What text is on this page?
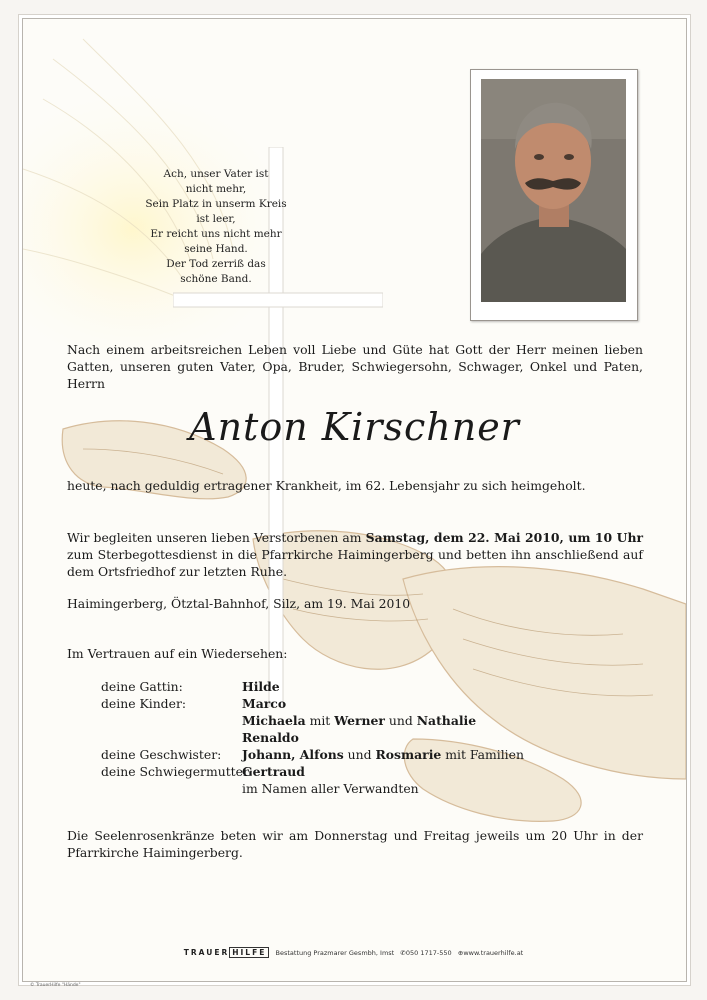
Ach, unser Vater ist
nicht mehr,
Sein Platz in unserm Kreis
ist leer,
Er reicht uns nicht mehr
seine Hand.
Der Tod zerriß das
schöne Band.
Nach einem arbeitsreichen Leben voll Liebe und Güte hat Gott der Herr meinen lieben Gatten, unseren guten Vater, Opa, Bruder, Schwiegersohn, Schwager, Onkel und Paten, Herrn
Anton Kirschner
heute, nach geduldig ertragener Krankheit, im 62. Lebensjahr zu sich heimgeholt.
Wir begleiten unseren lieben Verstorbenen am Samstag, dem 22. Mai 2010, um 10 Uhr zum Sterbegottesdienst in die Pfarrkirche Haimingerberg und betten ihn anschließend auf dem Ortsfriedhof zur letzten Ruhe.
Haimingerberg, Ötztal-Bahnhof, Silz, am 19. Mai 2010
Im Vertrauen auf ein Wiedersehen:
deine Gattin:	Hilde
deine Kinder:	Marco
Michaela mit Werner und Nathalie
Renaldo
deine Geschwister: Johann, Alfons und Rosmarie mit Familien
deine Schwiegermutter:
Gertraud
im Namen aller Verwandten
Die Seelenrosenkränze beten wir am Donnerstag und Freitag jeweils um 20 Uhr in der Pfarrkirche Haimingerberg.
TRAUER HILFE Bestattung Prazmarer Gesmbh, Imst ✆050 1717-550 ⊕www.trauerhilfe.at
© TrauerHilfe "Hände"
